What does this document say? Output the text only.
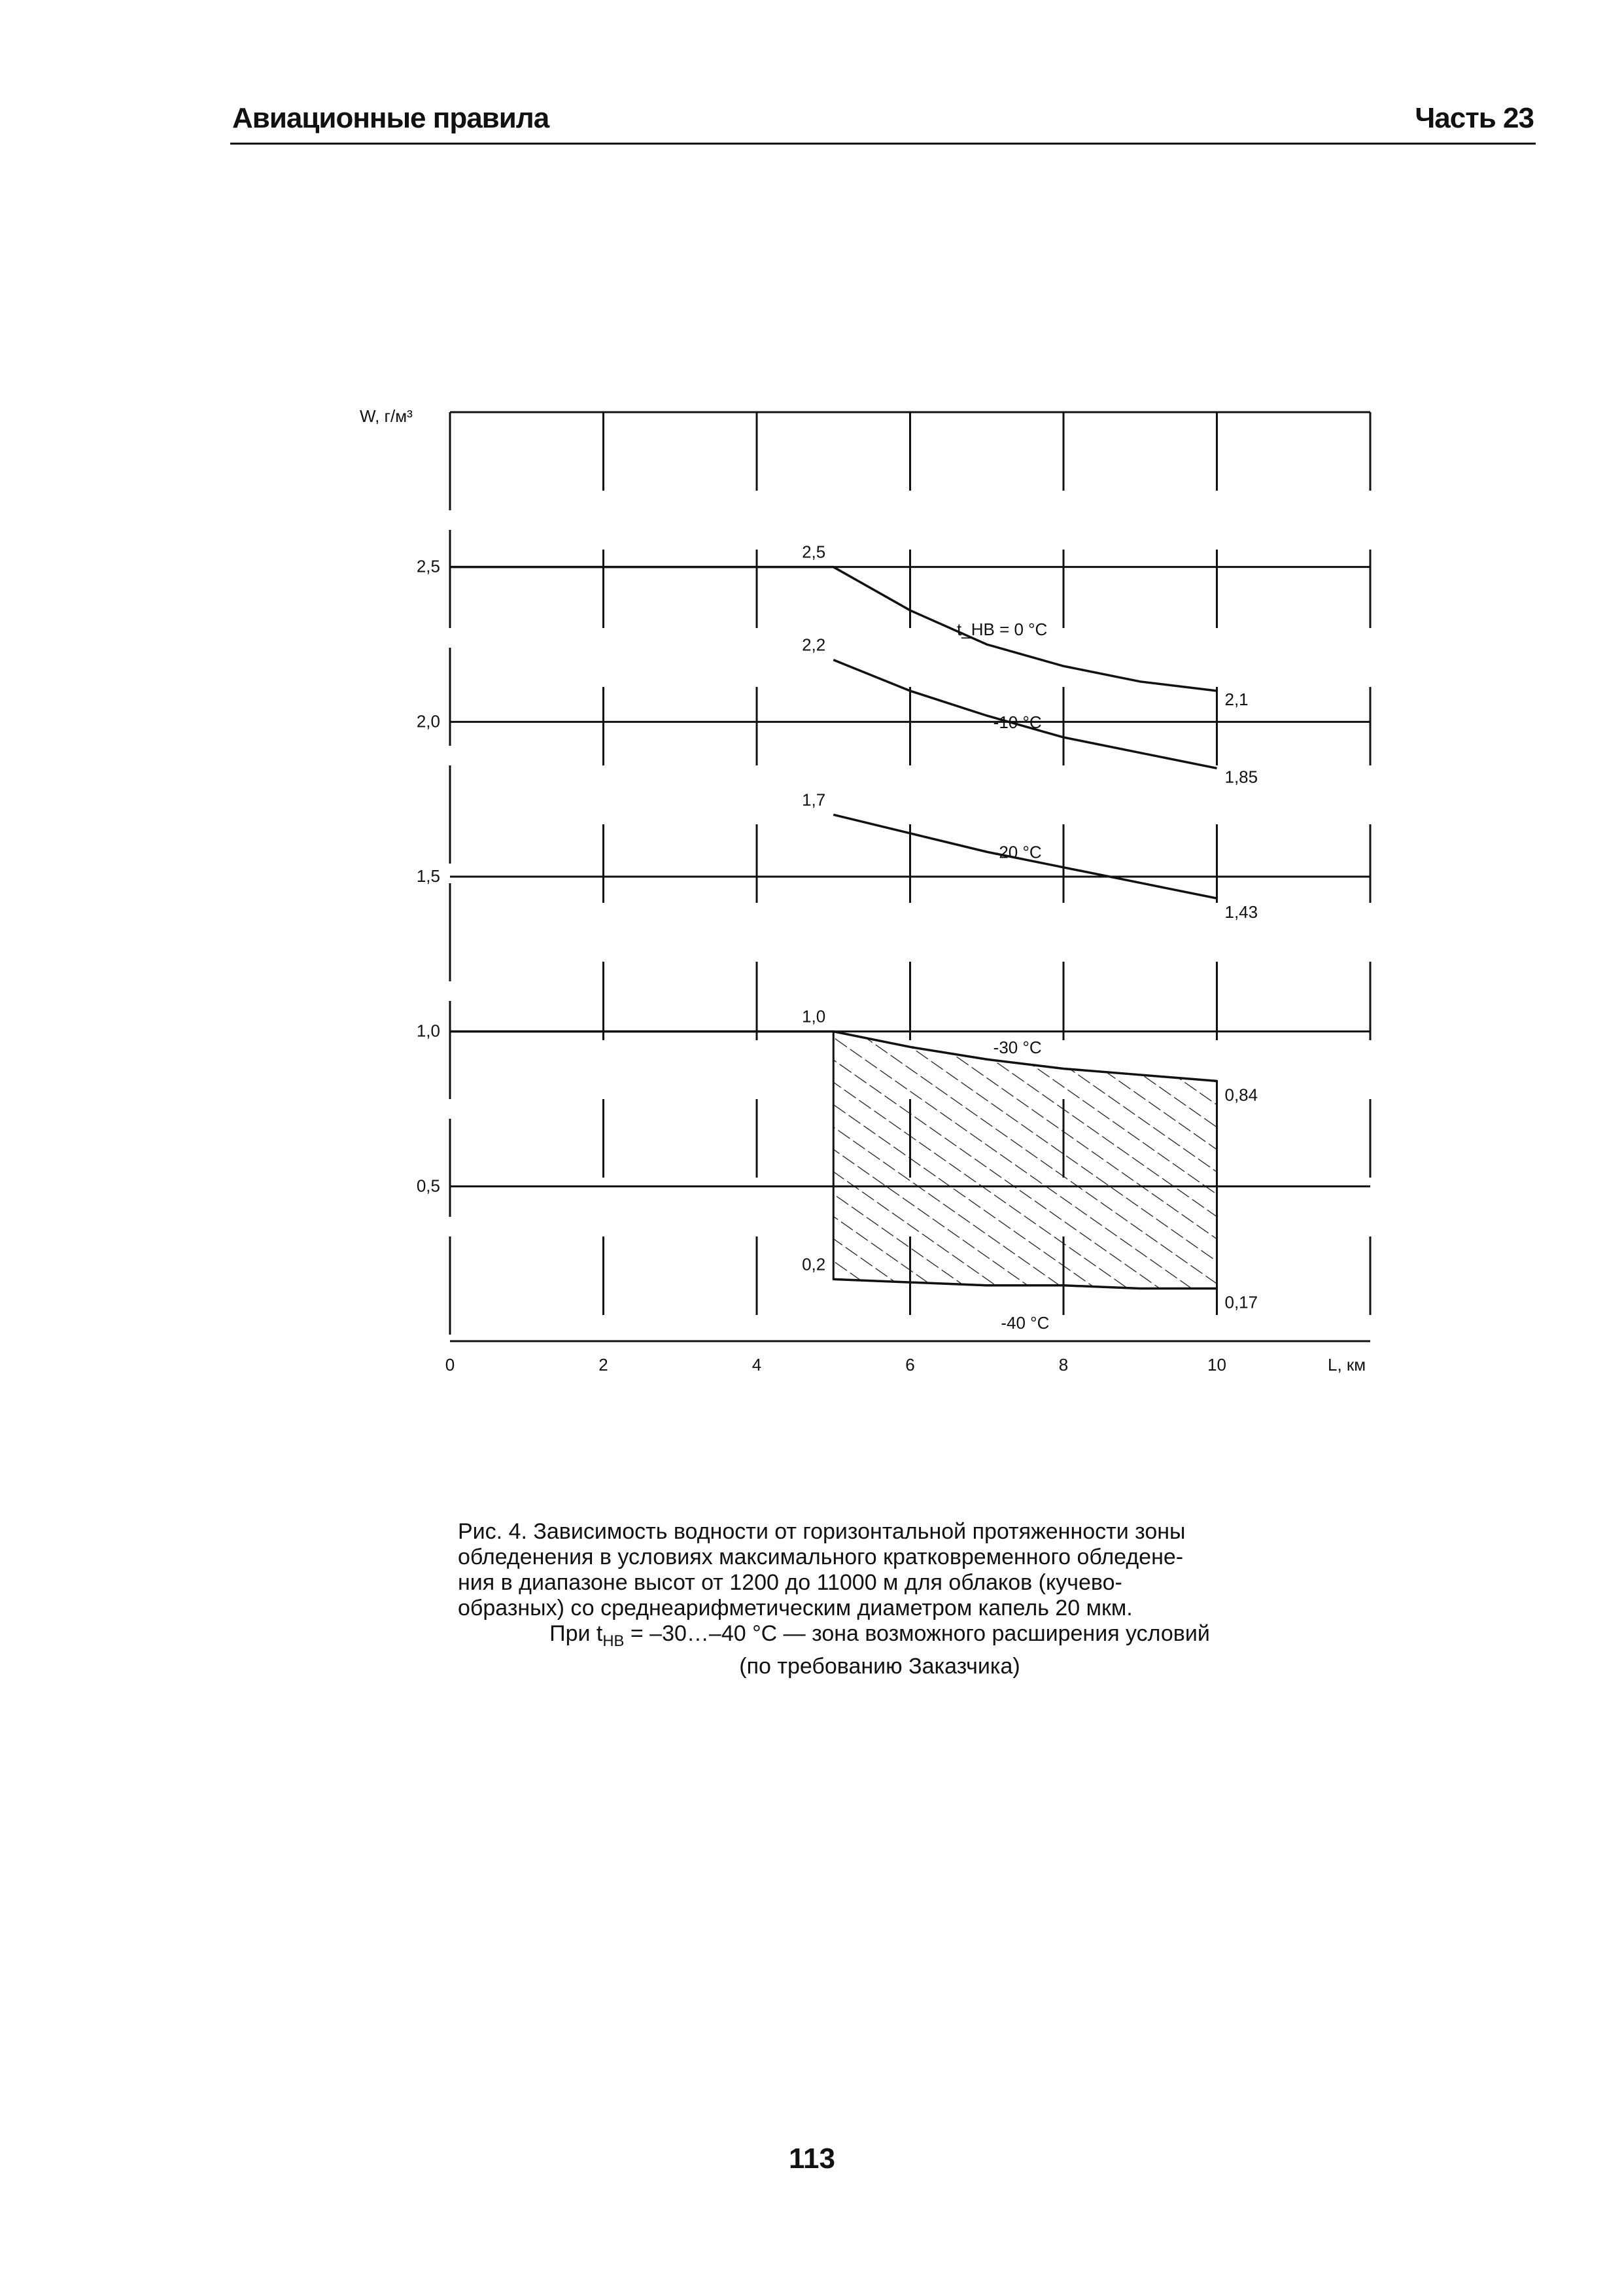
Авиационные правила	Часть 23
0	2	4	6	8	10
1,0
0,5
1,5
2,0
2,5
2,5
2,2
1,7
1,0
0,2
2,1
1,85
1,43
0,84
0,17
t_НВ = 0 °С
-10 °С
-20 °С
-30 °С
-40 °С
W, г/м³
L, км
Рис. 4. Зависимость водности от горизонтальной протяженности зоны
обледенения в условиях максимального кратковременного обледене-
ния в диапазоне высот от 1200 до 11000 м для облаков (кучево-
образных) со среднеарифметическим диаметром капель 20 мкм.
При $t_{НВ}$ = –30…–40 °С — зона возможного расширения условий
(по требованию Заказчика)
113
